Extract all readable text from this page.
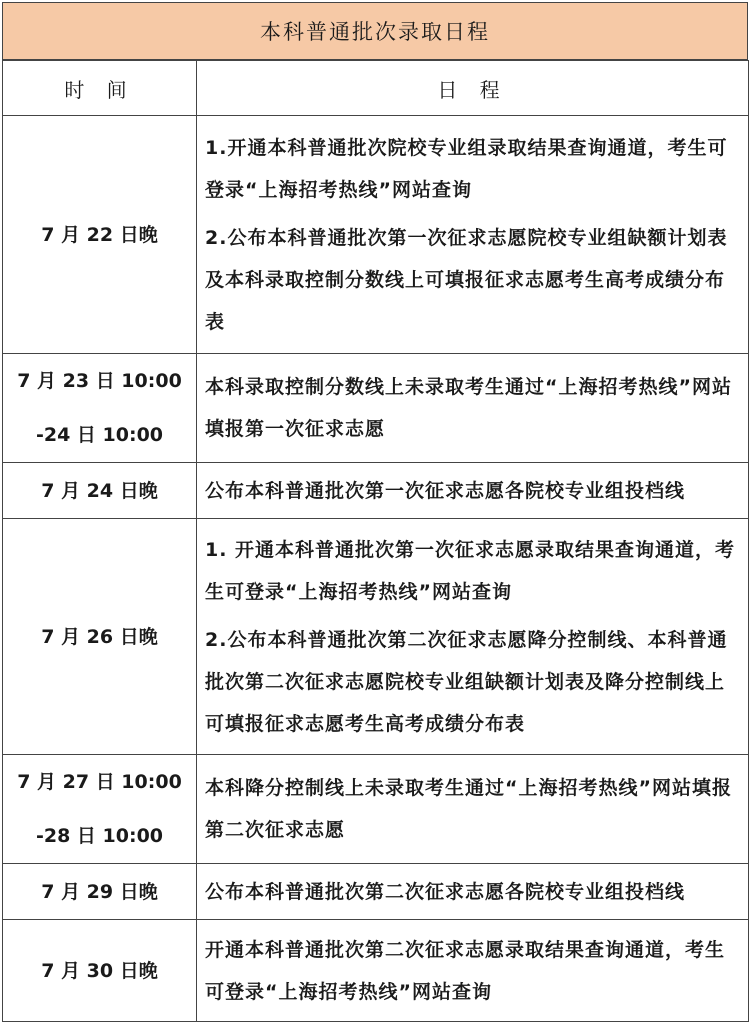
本科普通批次录取日程
时 间	日 程

7 月 22 日晚	1.开通本科普通批次院校专业组录取结果查询通道，考生可登录“上海招考热线”网站查询
2.公布本科普通批次第一次征求志愿院校专业组缺额计划表及本科录取控制分数线上可填报征求志愿考生高考成绩分布表

7 月 23 日 10:00
-24 日 10:00	本科录取控制分数线上未录取考生通过“上海招考热线”网站填报第一次征求志愿

7 月 24 日晚	公布本科普通批次第一次征求志愿各院校专业组投档线

7 月 26 日晚	1. 开通本科普通批次第一次征求志愿录取结果查询通道，考生可登录“上海招考热线”网站查询
2.公布本科普通批次第二次征求志愿降分控制线、本科普通批次第二次征求志愿院校专业组缺额计划表及降分控制线上可填报征求志愿考生高考成绩分布表

7 月 27 日 10:00
-28 日 10:00	本科降分控制线上未录取考生通过“上海招考热线”网站填报第二次征求志愿

7 月 29 日晚	公布本科普通批次第二次征求志愿各院校专业组投档线

7 月 30 日晚	开通本科普通批次第二次征求志愿录取结果查询通道，考生可登录“上海招考热线”网站查询
